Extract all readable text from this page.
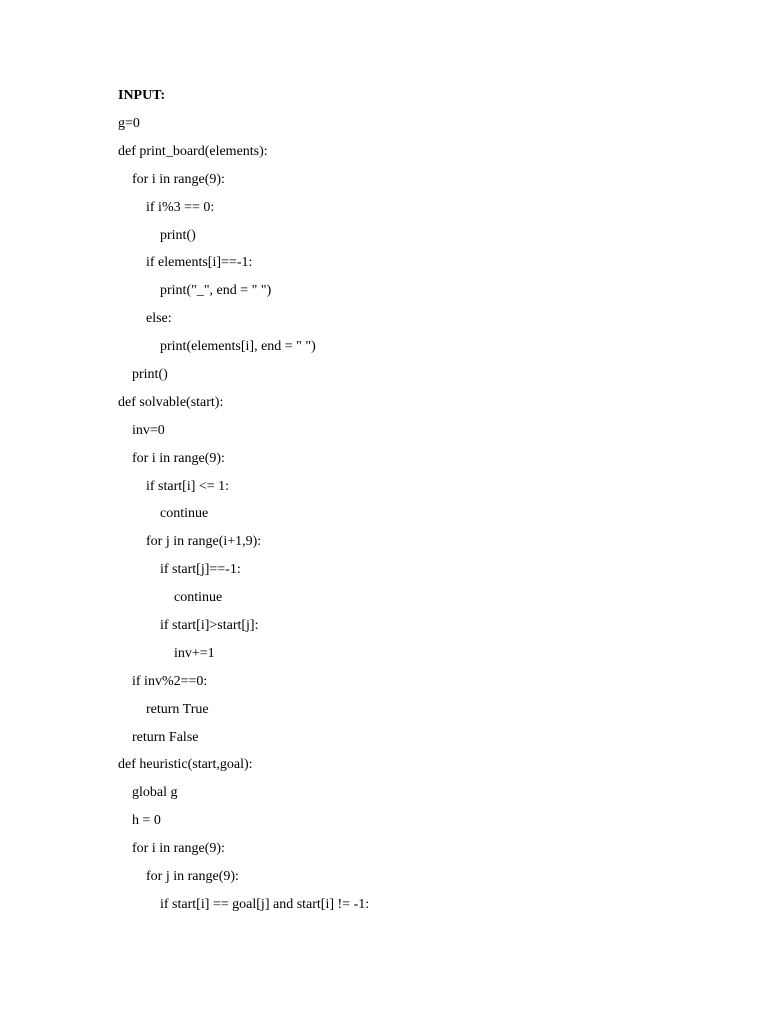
INPUT:
g=0
def print_board(elements):
for i in range(9):
if i%3 == 0:
print()
if elements[i]==-1:
print("_", end = " ")
else:
print(elements[i], end = " ")
print()
def solvable(start):
inv=0
for i in range(9):
if start[i] <= 1:
continue
for j in range(i+1,9):
if start[j]==-1:
continue
if start[i]>start[j]:
inv+=1
if inv%2==0:
return True
return False
def heuristic(start,goal):
global g
h = 0
for i in range(9):
for j in range(9):
if start[i] == goal[j] and start[i] != -1:
